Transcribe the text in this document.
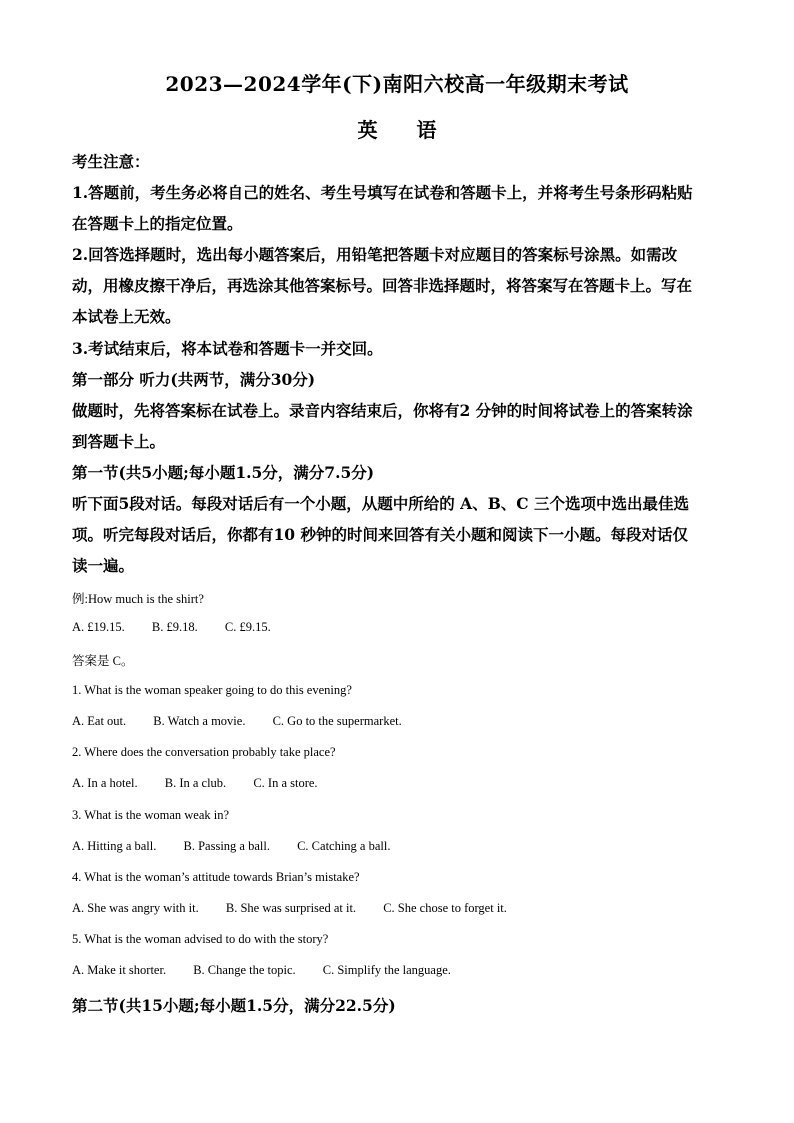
2023—2024学年(下)南阳六校高一年级期末考试
英 语
考生注意：
1.答题前，考生务必将自己的姓名、考生号填写在试卷和答题卡上，并将考生号条形码粘贴
在答题卡上的指定位置。
2.回答选择题时，选出每小题答案后，用铅笔把答题卡对应题目的答案标号涂黑。如需改
动，用橡皮擦干净后，再选涂其他答案标号。回答非选择题时，将答案写在答题卡上。写在
本试卷上无效。
3.考试结束后，将本试卷和答题卡一并交回。
第一部分 听力(共两节，满分30分)
做题时，先将答案标在试卷上。录音内容结束后，你将有2 分钟的时间将试卷上的答案转涂
到答题卡上。
第一节(共5小题;每小题1.5分，满分7.5分)
听下面5段对话。每段对话后有一个小题，从题中所给的 A、B、C 三个选项中选出最佳选
项。听完每段对话后，你都有10 秒钟的时间来回答有关小题和阅读下一小题。每段对话仅
读一遍。
例:How much is the shirt?
A. £19.15. B. £9.18. C. £9.15.
答案是 C。
1. What is the woman speaker going to do this evening?
A. Eat out. B. Watch a movie. C. Go to the supermarket.
2. Where does the conversation probably take place?
A. In a hotel. B. In a club. C. In a store.
3. What is the woman weak in?
A. Hitting a ball. B. Passing a ball. C. Catching a ball.
4. What is the woman’s attitude towards Brian’s mistake?
A. She was angry with it. B. She was surprised at it. C. She chose to forget it.
5. What is the woman advised to do with the story?
A. Make it shorter. B. Change the topic. C. Simplify the language.
第二节(共15小题;每小题1.5分，满分22.5分)
